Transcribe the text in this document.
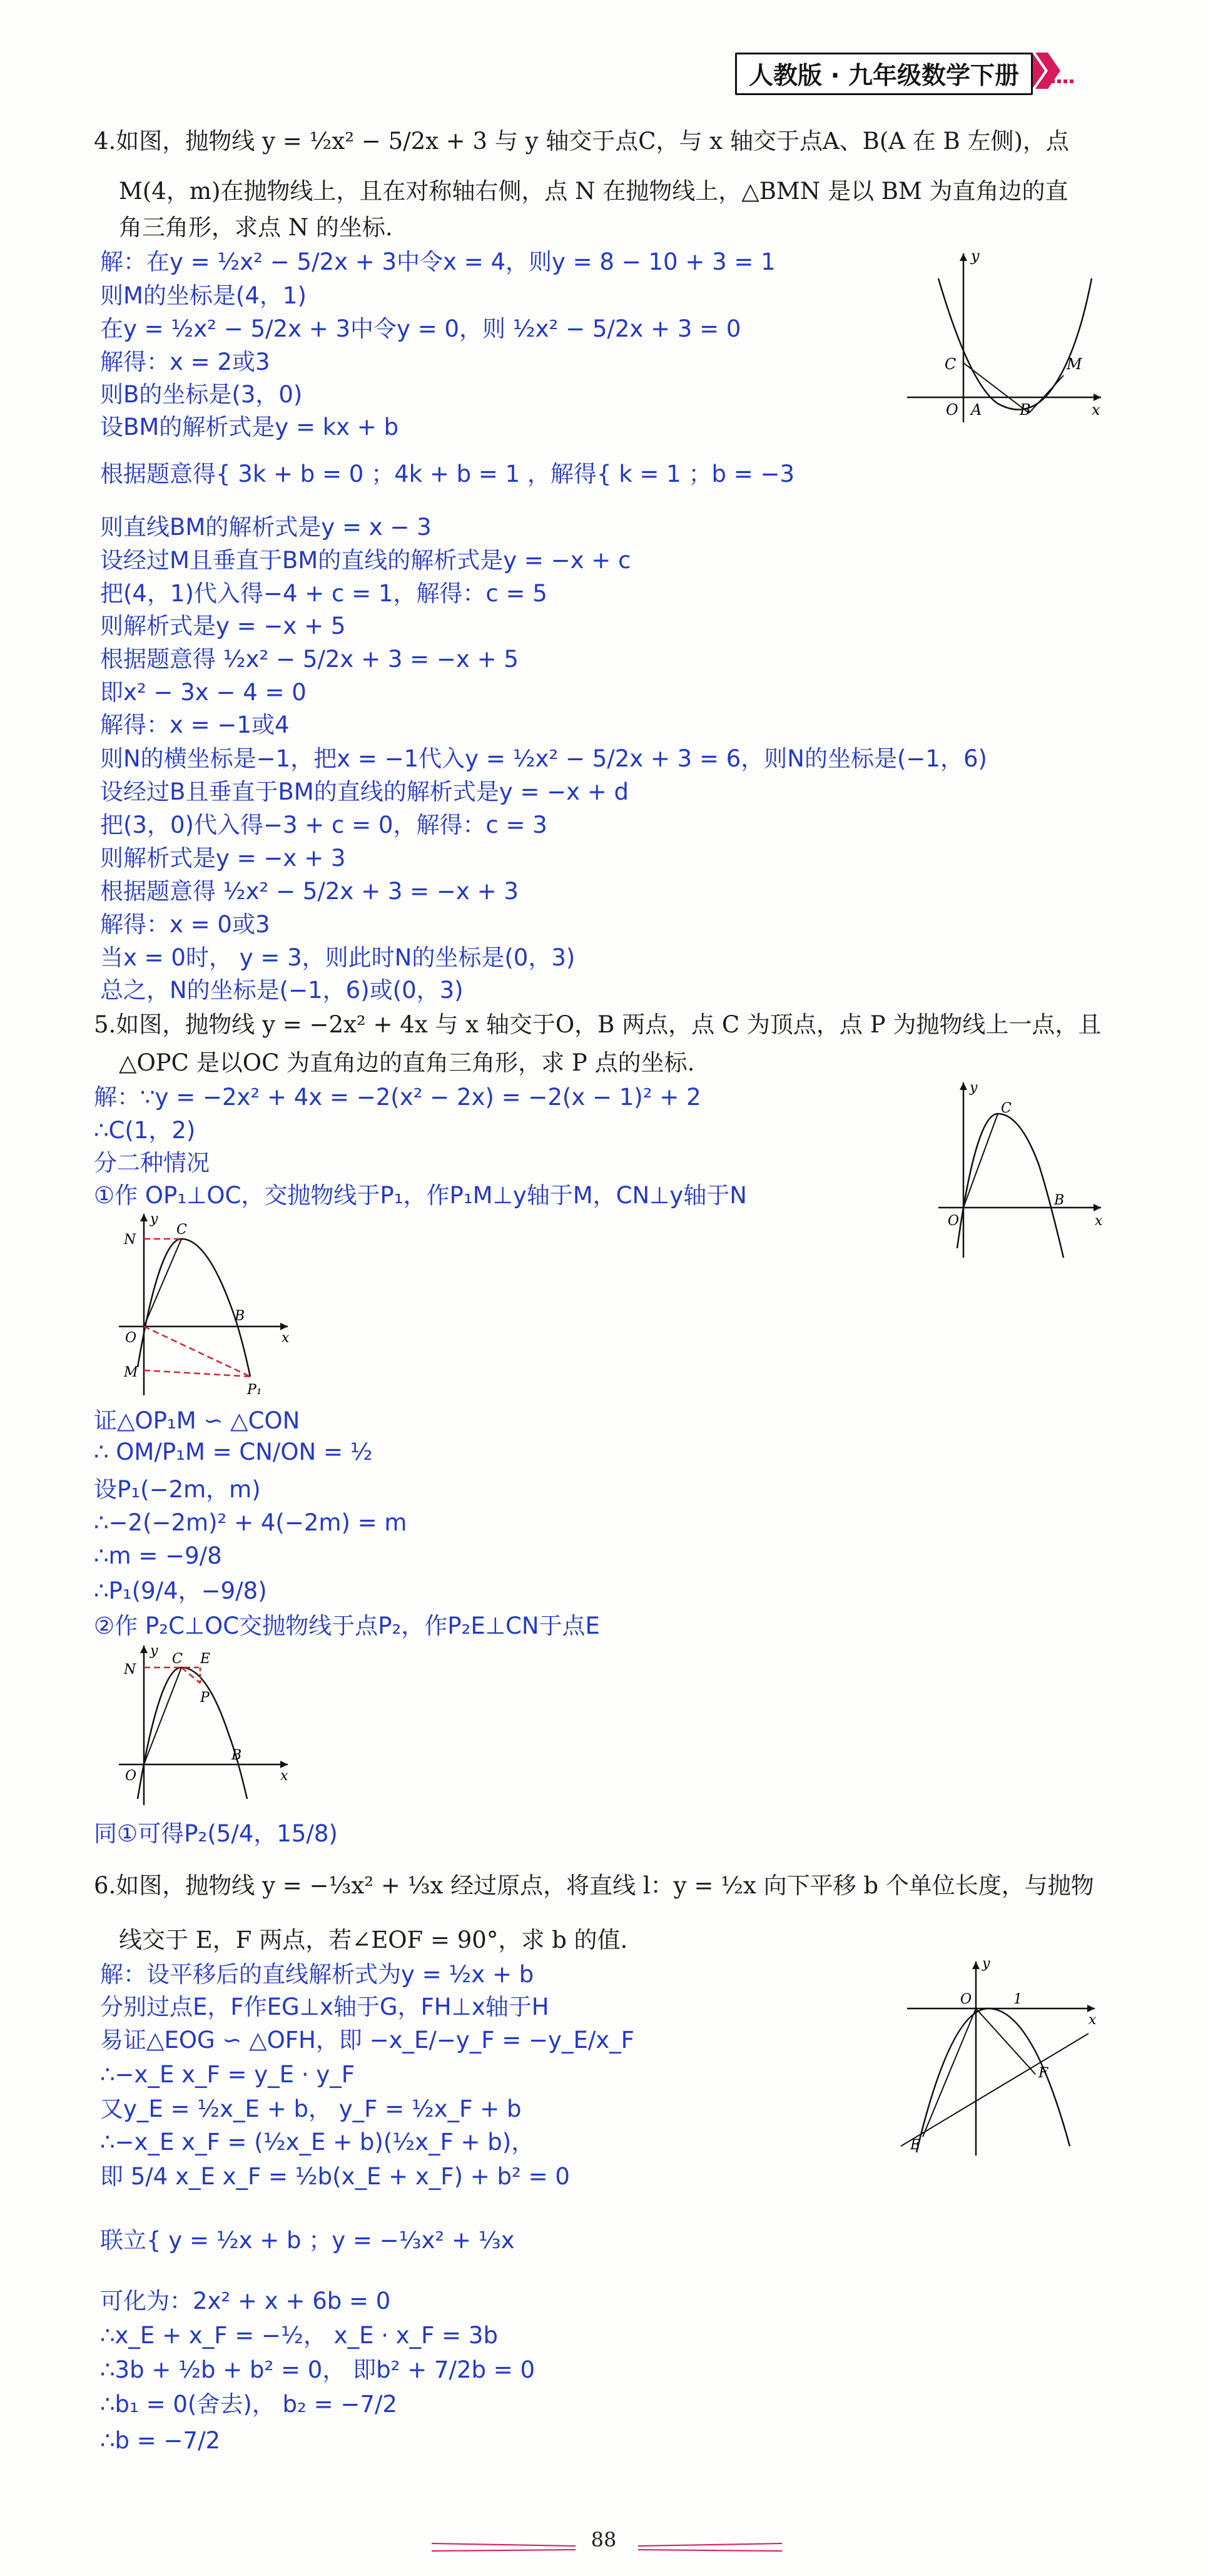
人教版 · 九年级数学下册
4.如图，抛物线 y = ½x² − 5/2x + 3 与 y 轴交于点C，与 x 轴交于点A、B(A 在 B 左侧)，点
M(4，m)在抛物线上，且在对称轴右侧，点 N 在抛物线上，△BMN 是以 BM 为直角边的直
角三角形，求点 N 的坐标.
解：在y = ½x² − 5/2x + 3中令x = 4，则y = 8 − 10 + 3 = 1
则M的坐标是(4，1)
在y = ½x² − 5/2x + 3中令y = 0，则 ½x² − 5/2x + 3 = 0
解得：x = 2或3
则B的坐标是(3，0)
设BM的解析式是y = kx + b
根据题意得{ 3k + b = 0 ；4k + b = 1 ，解得{ k = 1 ；b = −3
则直线BM的解析式是y = x − 3
设经过M且垂直于BM的直线的解析式是y = −x + c
把(4，1)代入得−4 + c = 1，解得：c = 5
则解析式是y = −x + 5
根据题意得 ½x² − 5/2x + 3 = −x + 5
即x² − 3x − 4 = 0
解得：x = −1或4
则N的横坐标是−1，把x = −1代入y = ½x² − 5/2x + 3 = 6，则N的坐标是(−1，6)
设经过B且垂直于BM的直线的解析式是y = −x + d
把(3，0)代入得−3 + c = 0，解得：c = 3
则解析式是y = −x + 3
根据题意得 ½x² − 5/2x + 3 = −x + 3
解得：x = 0或3
当x = 0时， y = 3，则此时N的坐标是(0，3)
总之，N的坐标是(−1，6)或(0，3)
5.如图，抛物线 y = −2x² + 4x 与 x 轴交于O，B 两点，点 C 为顶点，点 P 为抛物线上一点，且
△OPC 是以OC 为直角边的直角三角形，求 P 点的坐标.
解：∵y = −2x² + 4x = −2(x² − 2x) = −2(x − 1)² + 2
∴C(1，2)
分二种情况
①作 OP₁⊥OC，交抛物线于P₁，作P₁M⊥y轴于M，CN⊥y轴于N
证△OP₁M ∽ △CON
∴ OM/P₁M = CN/ON = ½
设P₁(−2m，m)
∴−2(−2m)² + 4(−2m) = m
∴m = −9/8
∴P₁(9/4，−9/8)
②作 P₂C⊥OC交抛物线于点P₂，作P₂E⊥CN于点E
同①可得P₂(5/4，15/8)
6.如图，抛物线 y = −⅓x² + ⅓x 经过原点，将直线 l：y = ½x 向下平移 b 个单位长度，与抛物
线交于 E，F 两点，若∠EOF = 90°，求 b 的值.
解：设平移后的直线解析式为y = ½x + b
分别过点E，F作EG⊥x轴于G，FH⊥x轴于H
易证△EOG ∽ △OFH，即 −x_E/−y_F = −y_E/x_F
∴−x_E x_F = y_E · y_F
又y_E = ½x_E + b， y_F = ½x_F + b
∴−x_E x_F = (½x_E + b)(½x_F + b)，
即 5/4 x_E x_F = ½b(x_E + x_F) + b² = 0
联立{ y = ½x + b ；y = −⅓x² + ⅓x
可化为：2x² + x + 6b = 0
∴x_E + x_F = −½， x_E · x_F = 3b
∴3b + ½b + b² = 0， 即b² + 7/2b = 0
∴b₁ = 0(舍去)， b₂ = −7/2
∴b = −7/2
y
x
O A	B
C	M
y
x
O
B
C
y
x
O
B
C
N
M
P₁
y
x
O
B
C
N
E
P
y
x
O	1
E
F
88
